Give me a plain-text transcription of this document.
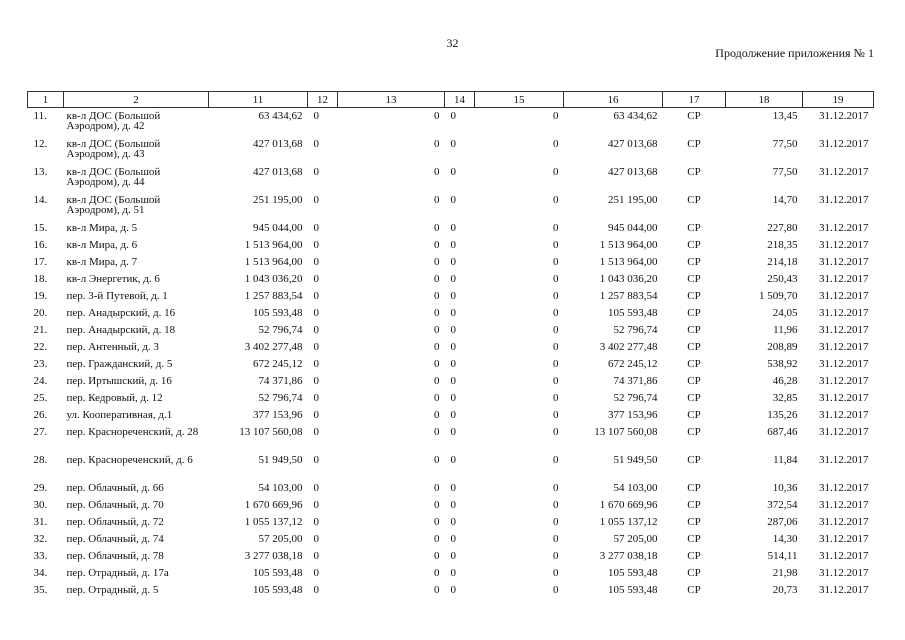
32
Продолжение приложения № 1
1	2	11	12	13	14	15	16	17	18	19
11.	кв-л ДОС (Большой Аэродром), д. 42	63 434,62	0	0	0	0	63 434,62	СР	13,45	31.12.2017
12.	кв-л ДОС (Большой Аэродром), д. 43	427 013,68	0	0	0	0	427 013,68	СР	77,50	31.12.2017
13.	кв-л ДОС (Большой Аэродром), д. 44	427 013,68	0	0	0	0	427 013,68	СР	77,50	31.12.2017
14.	кв-л ДОС (Большой Аэродром), д. 51	251 195,00	0	0	0	0	251 195,00	СР	14,70	31.12.2017
15.	кв-л Мира, д. 5	945 044,00	0	0	0	0	945 044,00	СР	227,80	31.12.2017
16.	кв-л Мира, д. 6	1 513 964,00	0	0	0	0	1 513 964,00	СР	218,35	31.12.2017
17.	кв-л Мира, д. 7	1 513 964,00	0	0	0	0	1 513 964,00	СР	214,18	31.12.2017
18.	кв-л Энергетик, д. 6	1 043 036,20	0	0	0	0	1 043 036,20	СР	250,43	31.12.2017
19.	пер. 3-й Путевой, д. 1	1 257 883,54	0	0	0	0	1 257 883,54	СР	1 509,70	31.12.2017
20.	пер. Анадырский, д. 16	105 593,48	0	0	0	0	105 593,48	СР	24,05	31.12.2017
21.	пер. Анадырский, д. 18	52 796,74	0	0	0	0	52 796,74	СР	11,96	31.12.2017
22.	пер. Антенный, д. 3	3 402 277,48	0	0	0	0	3 402 277,48	СР	208,89	31.12.2017
23.	пер. Гражданский, д. 5	672 245,12	0	0	0	0	672 245,12	СР	538,92	31.12.2017
24.	пер. Иртышский, д. 16	74 371,86	0	0	0	0	74 371,86	СР	46,28	31.12.2017
25.	пер. Кедровый, д. 12	52 796,74	0	0	0	0	52 796,74	СР	32,85	31.12.2017
26.	ул. Кооперативная, д.1	377 153,96	0	0	0	0	377 153,96	СР	135,26	31.12.2017
27.	пер. Краснореченский, д. 28	13 107 560,08	0	0	0	0	13 107 560,08	СР	687,46	31.12.2017
28.	пер. Краснореченский, д. 6	51 949,50	0	0	0	0	51 949,50	СР	11,84	31.12.2017
29.	пер. Облачный, д. 66	54 103,00	0	0	0	0	54 103,00	СР	10,36	31.12.2017
30.	пер. Облачный, д. 70	1 670 669,96	0	0	0	0	1 670 669,96	СР	372,54	31.12.2017
31.	пер. Облачный, д. 72	1 055 137,12	0	0	0	0	1 055 137,12	СР	287,06	31.12.2017
32.	пер. Облачный, д. 74	57 205,00	0	0	0	0	57 205,00	СР	14,30	31.12.2017
33.	пер. Облачный, д. 78	3 277 038,18	0	0	0	0	3 277 038,18	СР	514,11	31.12.2017
34.	пер. Отрадный, д. 17а	105 593,48	0	0	0	0	105 593,48	СР	21,98	31.12.2017
35.	пер. Отрадный, д. 5	105 593,48	0	0	0	0	105 593,48	СР	20,73	31.12.2017
